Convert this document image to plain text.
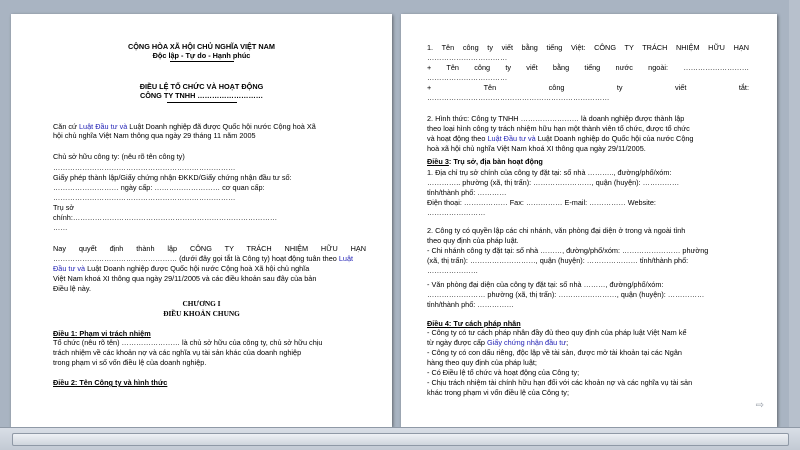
CỘNG HÒA XÃ HỘI CHỦ NGHĨA VIỆT NAM
Độc lập - Tự do - Hạnh phúc
ĐIỀU LỆ TỔ CHỨC VÀ HOẠT ĐỘNG
CÔNG TY TNHH ………………………
Căn cứ Luật Đầu tư và Luật Doanh nghiệp đã được Quốc hội nước Cộng hoà Xã
hội chủ nghĩa Việt Nam thông qua ngày 29 tháng 11 năm 2005
Chủ sở hữu công ty: (nêu rõ tên công ty)
…………………………………………………………………
Giấy phép thành lập/Giấy chứng nhận ĐKKD/Giấy chứng nhận đầu tư số:
……………………… ngày cấp: ……………………… cơ quan cấp:
…………………………………………………………………
Trụ sở
chính:…………………………………………………………………………
……
Nay quyết định thành lập CÔNG TY TRÁCH NHIỆM HỮU HẠN
…………………………………………… (dưới đây gọi tắt là Công ty) hoạt động tuân theo Luật
Đầu tư và Luật Doanh nghiệp được Quốc hội nước Cộng hoà Xã hội chủ nghĩa
Việt Nam khoá XI thông qua ngày 29/11/2005 và các điều khoản sau đây của bản
Điều lệ này.
CHƯƠNG I
ĐIỀU KHOẢN CHUNG
Điều 1: Phạm vi trách nhiệm
Tổ chức (nêu rõ tên) …………………… là chủ sở hữu của công ty, chủ sở hữu chịu
trách nhiệm về các khoản nợ và các nghĩa vụ tài sản khác của doanh nghiệp
trong phạm vi số vốn điều lệ của doanh nghiệp.
Điều 2: Tên Công ty và hình thức
1. Tên công ty viết bằng tiếng Việt: CÔNG TY TRÁCH NHIỆM HỮU HẠN
……………………………
+ Tên công ty viết bằng tiếng nước ngoài: ………………………
……………………………
+ Tên công ty viết tắt:
…………………………………………………………………
2. Hình thức: Công ty TNHH …………………… là doanh nghiệp được thành lập
theo loại hình công ty trách nhiệm hữu hạn một thành viên tổ chức, được tổ chức
và hoạt động theo Luật Đầu tư và Luật Doanh nghiệp do Quốc hội của nước Cộng
hoà xã hội chủ nghĩa Việt Nam khoá XI thông qua ngày 29/11/2005.
Điều 3: Trụ sở, địa bàn hoạt động
1. Địa chỉ trụ sở chính của công ty đặt tại: số nhà ……….., đường/phố/xóm:
………….. phường (xã, thị trấn): ……………………, quận (huyện): ……………
tỉnh/thành phố: …………
Điện thoại: ……………… Fax: …………… E-mail: …………… Website:
……………………
2. Công ty có quyền lập các chi nhánh, văn phòng đại diện ở trong và ngoài tỉnh
theo quy định của pháp luật.
- Chi nhánh công ty đặt tại: số nhà ………, đường/phố/xóm: …………………… phường
(xã, thị trấn): ………………………, quận (huyện): ………………… tỉnh/thành phố:
…………………
- Văn phòng đại diện của công ty đặt tại: số nhà ………, đường/phố/xóm:
…………………… phường (xã, thị trấn): ……………………, quận (huyện): ……………
tỉnh/thành phố: ……………
Điều 4: Tư cách pháp nhân
- Công ty có tư cách pháp nhân đầy đủ theo quy định của pháp luật Việt Nam kể
từ ngày được cấp Giấy chứng nhận đầu tư;
- Công ty có con dấu riêng, độc lập về tài sản, được mở tài khoản tại các Ngân
hàng theo quy định của pháp luật;
- Có Điều lệ tổ chức và hoạt động của Công ty;
- Chịu trách nhiệm tài chính hữu hạn đối với các khoản nợ và các nghĩa vụ tài sản
khác trong phạm vi vốn điều lệ của Công ty;
⇨
